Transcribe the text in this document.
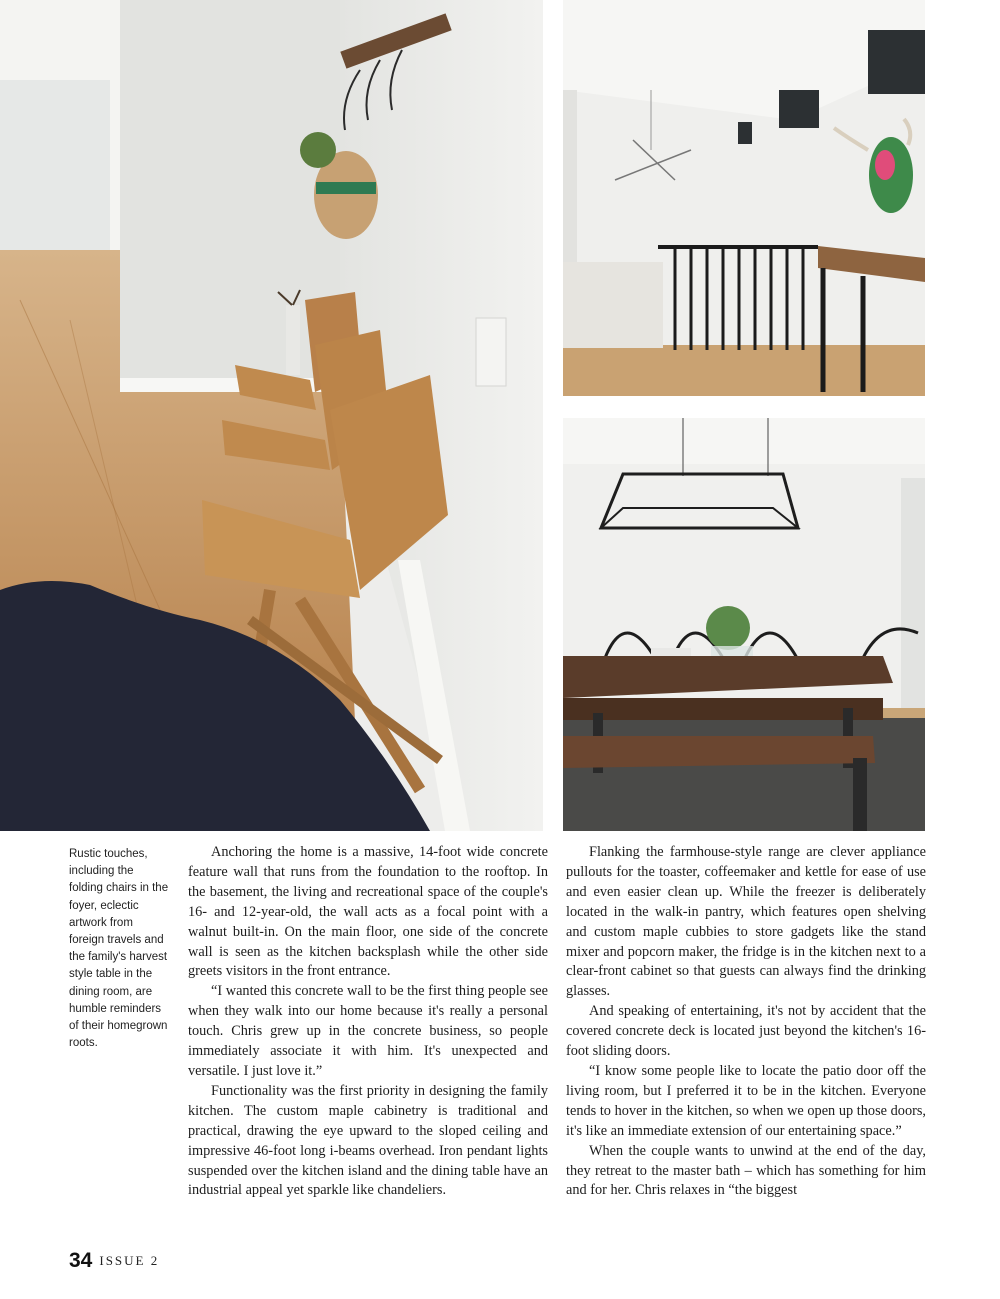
Rustic touches, including the folding chairs in the foyer, eclectic artwork from foreign travels and the family's harvest style table in the dining room, are humble reminders of their homegrown roots.

Anchoring the home is a massive, 14-foot wide concrete feature wall that runs from the foundation to the rooftop. In the basement, the living and recreational space of the couple's 16- and 12-year-old, the wall acts as a focal point with a walnut built-in. On the main floor, one side of the concrete wall is seen as the kitchen backsplash while the other side greets visitors in the front entrance.

“I wanted this concrete wall to be the first thing people see when they walk into our home because it's really a personal touch. Chris grew up in the concrete business, so people immediately associate it with him. It's unexpected and versatile. I just love it.”

Functionality was the first priority in designing the family kitchen. The custom maple cabinetry is traditional and practical, drawing the eye upward to the sloped ceiling and impressive 46-foot long i-beams overhead. Iron pendant lights suspended over the kitchen island and the dining table have an industrial appeal yet sparkle like chandeliers.

Flanking the farmhouse-style range are clever appliance pullouts for the toaster, coffeemaker and kettle for ease of use and even easier clean up. While the freezer is deliberately located in the walk-in pantry, which features open shelving and custom maple cubbies to store gadgets like the stand mixer and popcorn maker, the fridge is in the kitchen next to a clear-front cabinet so that guests can always find the drinking glasses.

And speaking of entertaining, it's not by accident that the covered concrete deck is located just beyond the kitchen's 16-foot sliding doors.

“I know some people like to locate the patio door off the living room, but I preferred it to be in the kitchen. Everyone tends to hover in the kitchen, so when we open up those doors, it's like an immediate extension of our entertaining space.”

When the couple wants to unwind at the end of the day, they retreat to the master bath – which has something for him and for her. Chris relaxes in “the biggest

34 ISSUE 2
